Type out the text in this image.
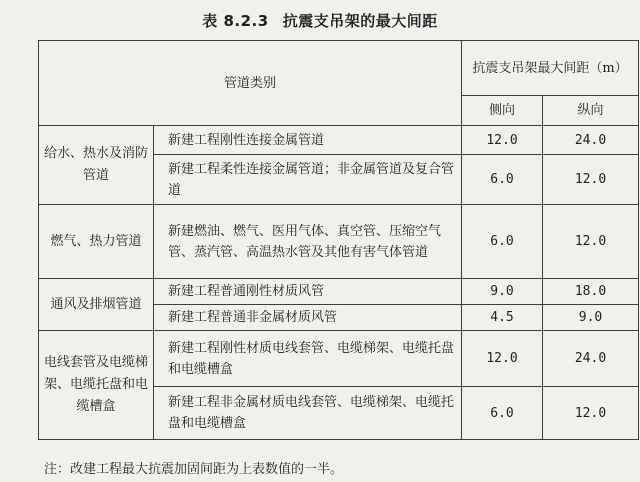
表 8.2.3 抗震支吊架的最大间距
管道类别		抗震支吊架最大间距（m）	
		侧向	纵向
给水、热水及消防管道	新建工程刚性连接金属管道	12.0	24.0
	新建工程柔性连接金属管道；非金属管道及复合管道	6.0	12.0
燃气、热力管道	新建燃油、燃气、医用气体、真空管、压缩空气管、蒸汽管、高温热水管及其他有害气体管道	6.0	12.0
通风及排烟管道	新建工程普通刚性材质风管	9.0	18.0
	新建工程普通非金属材质风管	4.5	9.0
电线套管及电缆梯架、电缆托盘和电缆槽盒	新建工程刚性材质电线套管、电缆梯架、电缆托盘和电缆槽盒	12.0	24.0
	新建工程非金属材质电线套管、电缆梯架、电缆托盘和电缆槽盒	6.0	12.0
注：改建工程最大抗震加固间距为上表数值的一半。
